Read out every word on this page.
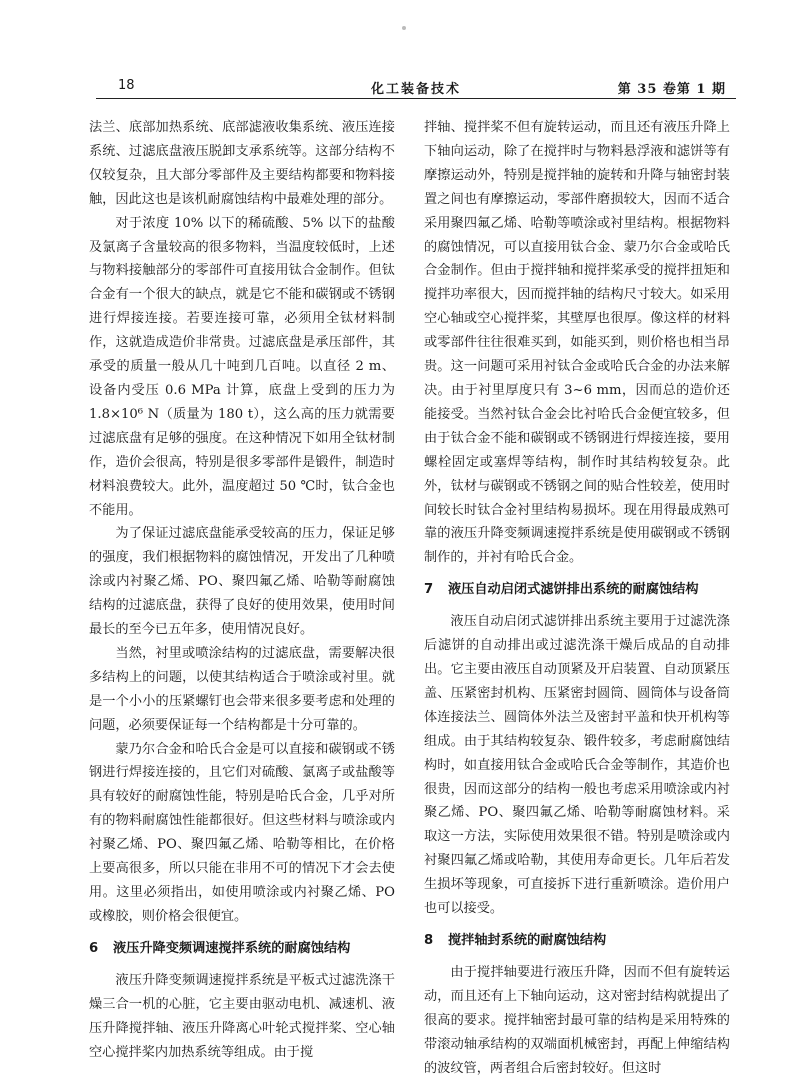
18	化工装备技术	第 35 卷第 1 期

法兰、底部加热系统、底部滤液收集系统、液压连接系统、过滤底盘液压脱卸支承系统等。这部分结构不仅较复杂，且大部分零部件及主要结构都要和物料接触，因此这也是该机耐腐蚀结构中最难处理的部分。

对于浓度 10% 以下的稀硫酸、5% 以下的盐酸及氯离子含量较高的很多物料，当温度较低时，上述与物料接触部分的零部件可直接用钛合金制作。但钛合金有一个很大的缺点，就是它不能和碳钢或不锈钢进行焊接连接。若要连接可靠，必须用全钛材料制作，这就造成造价非常贵。过滤底盘是承压部件，其承受的质量一般从几十吨到几百吨。以直径 2 m、设备内受压 0.6 MPa 计算，底盘上受到的压力为 1.8×10⁶ N（质量为 180 t），这么高的压力就需要过滤底盘有足够的强度。在这种情况下如用全钛材制作，造价会很高，特别是很多零部件是锻件，制造时材料浪费较大。此外，温度超过 50 ℃时，钛合金也不能用。

为了保证过滤底盘能承受较高的压力，保证足够的强度，我们根据物料的腐蚀情况，开发出了几种喷涂或内衬聚乙烯、PO、聚四氟乙烯、哈勒等耐腐蚀结构的过滤底盘，获得了良好的使用效果，使用时间最长的至今已五年多，使用情况良好。

当然，衬里或喷涂结构的过滤底盘，需要解决很多结构上的问题，以使其结构适合于喷涂或衬里。就是一个小小的压紧螺钉也会带来很多要考虑和处理的问题，必须要保证每一个结构都是十分可靠的。

蒙乃尔合金和哈氏合金是可以直接和碳钢或不锈钢进行焊接连接的，且它们对硫酸、氯离子或盐酸等具有较好的耐腐蚀性能，特别是哈氏合金，几乎对所有的物料耐腐蚀性能都很好。但这些材料与喷涂或内衬聚乙烯、PO、聚四氟乙烯、哈勒等相比，在价格上要高很多，所以只能在非用不可的情况下才会去使用。这里必须指出，如使用喷涂或内衬聚乙烯、PO 或橡胶，则价格会很便宜。

6 液压升降变频调速搅拌系统的耐腐蚀结构

液压升降变频调速搅拌系统是平板式过滤洗涤干燥三合一机的心脏，它主要由驱动电机、减速机、液压升降搅拌轴、液压升降离心叶轮式搅拌桨、空心轴空心搅拌桨内加热系统等组成。由于搅

拌轴、搅拌桨不但有旋转运动，而且还有液压升降上下轴向运动，除了在搅拌时与物料悬浮液和滤饼等有摩擦运动外，特别是搅拌轴的旋转和升降与轴密封装置之间也有摩擦运动，零部件磨损较大，因而不适合采用聚四氟乙烯、哈勒等喷涂或衬里结构。根据物料的腐蚀情况，可以直接用钛合金、蒙乃尔合金或哈氏合金制作。但由于搅拌轴和搅拌桨承受的搅拌扭矩和搅拌功率很大，因而搅拌轴的结构尺寸较大。如采用空心轴或空心搅拌桨，其壁厚也很厚。像这样的材料或零部件往往很难买到，如能买到，则价格也相当昂贵。这一问题可采用衬钛合金或哈氏合金的办法来解决。由于衬里厚度只有 3~6 mm，因而总的造价还能接受。当然衬钛合金会比衬哈氏合金便宜较多，但由于钛合金不能和碳钢或不锈钢进行焊接连接，要用螺栓固定或塞焊等结构，制作时其结构较复杂。此外，钛材与碳钢或不锈钢之间的贴合性较差，使用时间较长时钛合金衬里结构易损坏。现在用得最成熟可靠的液压升降变频调速搅拌系统是使用碳钢或不锈钢制作的，并衬有哈氏合金。

7 液压自动启闭式滤饼排出系统的耐腐蚀结构

液压自动启闭式滤饼排出系统主要用于过滤洗涤后滤饼的自动排出或过滤洗涤干燥后成品的自动排出。它主要由液压自动顶紧及开启装置、自动顶紧压盖、压紧密封机构、压紧密封圆筒、圆筒体与设备筒体连接法兰、圆筒体外法兰及密封平盖和快开机构等组成。由于其结构较复杂、锻件较多，考虑耐腐蚀结构时，如直接用钛合金或哈氏合金等制作，其造价也很贵，因而这部分的结构一般也考虑采用喷涂或内衬聚乙烯、PO、聚四氟乙烯、哈勒等耐腐蚀材料。采取这一方法，实际使用效果很不错。特别是喷涂或内衬聚四氟乙烯或哈勒，其使用寿命更长。几年后若发生损坏等现象，可直接拆下进行重新喷涂。造价用户也可以接受。

8 搅拌轴封系统的耐腐蚀结构

由于搅拌轴要进行液压升降，因而不但有旋转运动，而且还有上下轴向运动，这对密封结构就提出了很高的要求。搅拌轴密封最可靠的结构是采用特殊的带滚动轴承结构的双端面机械密封，再配上伸缩结构的波纹管，两者组合后密封较好。但这时
